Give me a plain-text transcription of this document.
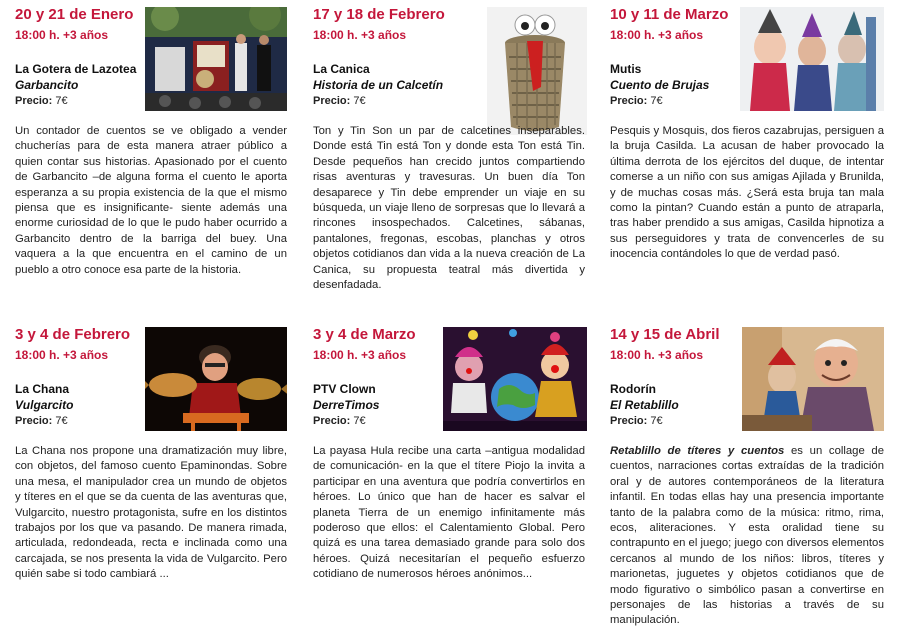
20 y 21 de Enero
18:00 h. +3 años
La Gotera de Lazotea
Garbancito
Precio: 7€

Un contador de cuentos se ve obligado a vender chucherías para de esta manera atraer público a quien contar sus historias. Apasionado por el cuento de Garbancito –de alguna forma el cuento le aporta esperanza a su propia existencia de la que el mismo piensa que es insignificante- siente además una enorme curiosidad de lo que le pudo haber ocurrido a Garbancito dentro de la barriga del buey. Una vaquera a la que encuentra en el camino de un pueblo a otro conoce esa parte de la historia.

17 y 18 de Febrero
18:00 h. +3 años
La Canica
Historia de un Calcetín
Precio: 7€

Ton y Tin Son un par de calcetines inseparables. Donde está Tin está Ton y donde esta Ton está Tin. Desde pequeños han crecido juntos compartiendo risas aventuras y travesuras. Un buen día Ton desaparece y Tin debe emprender un viaje en su búsqueda, un viaje lleno de sorpresas que lo llevará a rincones insospechados. Calcetines, sábanas, pantalones, fregonas, escobas, planchas y otros objetos cotidianos dan vida a la nueva creación de La Canica, su propuesta teatral más divertida y desenfadada.

10 y 11 de Marzo
18:00 h. +3 años
Mutis
Cuento de Brujas
Precio: 7€

Pesquis y Mosquis, dos fieros cazabrujas, persiguen a la bruja Casilda. La acusan de haber provocado la última derrota de los ejércitos del duque, de intentar comerse a un niño con sus amigas Ajilada y Brunilda, y de muchas cosas más. ¿Será esta bruja tan mala como la pintan? Cuando están a punto de atraparla, tras haber prendido a sus amigas, Casilda hipnotiza a sus perseguidores y trata de convencerles de su inocencia contándoles lo que de verdad pasó.

3 y 4 de Febrero
18:00 h. +3 años
La Chana
Vulgarcito
Precio: 7€

La Chana nos propone una dramatización muy libre, con objetos, del famoso cuento Epaminondas. Sobre una mesa, el manipulador crea un mundo de objetos y títeres en el que se da cuenta de las aventuras que, Vulgarcito, nuestro protagonista, sufre en los distintos trabajos por los que va pasando. De manera rimada, articulada, redondeada, recta e inclinada como una carcajada, se nos presenta la vida de Vulgarcito. Pero quién sabe si todo cambiará ...

3 y 4 de Marzo
18:00 h. +3 años
PTV Clown
DerreTimos
Precio: 7€

La payasa Hula recibe una carta –antigua modalidad de comunicación- en la que el títere Piojo la invita a participar en una aventura que podría convertirlos en héroes. Lo único que han de hacer es salvar el planeta Tierra de un enemigo infinitamente más poderoso que ellos: el Calentamiento Global. Pero quizá es una tarea demasiado grande para solo dos héroes. Quizá necesitarían el pequeño esfuerzo cotidiano de numerosos héroes anónimos...

14 y 15 de Abril
18:00 h. +3 años
Rodorín
El Retablillo
Precio: 7€

Retablillo de títeres y cuentos es un collage de cuentos, narraciones cortas extraídas de la tradición oral y de autores contemporáneos de la literatura infantil. En todas ellas hay una presencia importante tanto de la palabra como de la música: ritmo, rima, ecos, aliteraciones. Y esta oralidad tiene su contrapunto en el juego; juego con diversos elementos cercanos al mundo de los niños: libros, títeres y marionetas, juguetes y objetos cotidianos que de modo figurativo o simbólico pasan a convertirse en personajes de las historias a través de su manipulación.
